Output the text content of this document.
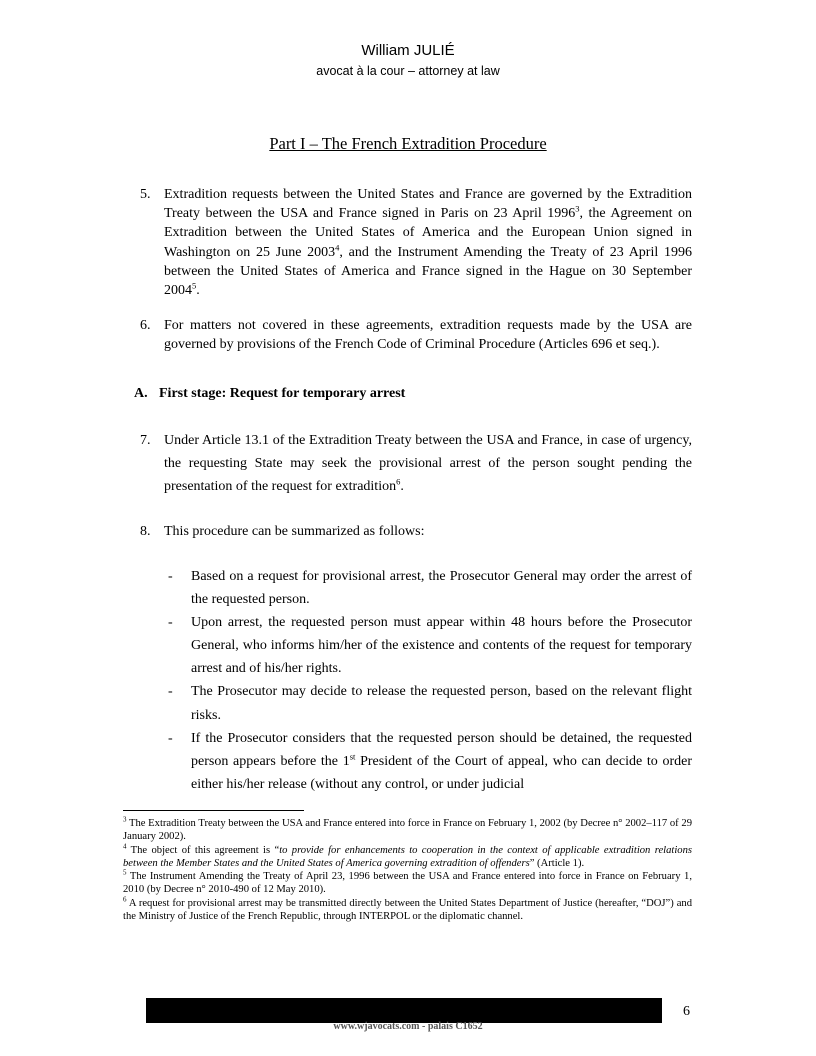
William JULIÉ
avocat à la cour – attorney at law
Part I – The French Extradition Procedure
5. Extradition requests between the United States and France are governed by the Extradition Treaty between the USA and France signed in Paris on 23 April 1996$^3$, the Agreement on Extradition between the United States of America and the European Union signed in Washington on 25 June 2003$^4$, and the Instrument Amending the Treaty of 23 April 1996 between the United States of America and France signed in the Hague on 30 September 2004$^5$.
6. For matters not covered in these agreements, extradition requests made by the USA are governed by provisions of the French Code of Criminal Procedure (Articles 696 et seq.).
A. First stage: Request for temporary arrest
7. Under Article 13.1 of the Extradition Treaty between the USA and France, in case of urgency, the requesting State may seek the provisional arrest of the person sought pending the presentation of the request for extradition$^6$.
8. This procedure can be summarized as follows:

- Based on a request for provisional arrest, the Prosecutor General may order the arrest of the requested person.

- Upon arrest, the requested person must appear within 48 hours before the Prosecutor General, who informs him/her of the existence and contents of the request for temporary arrest and of his/her rights.

- The Prosecutor may decide to release the requested person, based on the relevant flight risks.

- If the Prosecutor considers that the requested person should be detained, the requested person appears before the 1st President of the Court of appeal, who can decide to order either his/her release (without any control, or under judicial

$^3$ The Extradition Treaty between the USA and France entered into force in France on February 1, 2002 (by Decree n° 2002–117 of 29 January 2002).

$^4$ The object of this agreement is “to provide for enhancements to cooperation in the context of applicable extradition relations between the Member States and the United States of America governing extradition of offenders” (Article 1).

$^5$ The Instrument Amending the Treaty of April 23, 1996 between the USA and France entered into force in France on February 1, 2010 (by Decree n° 2010-490 of 12 May 2010).

$^6$ A request for provisional arrest may be transmitted directly between the United States Department of Justice (hereafter, “DOJ”) and the Ministry of Justice of the French Republic, through INTERPOL or the diplomatic channel.

6
www.wjavocats.com - palais C1652
